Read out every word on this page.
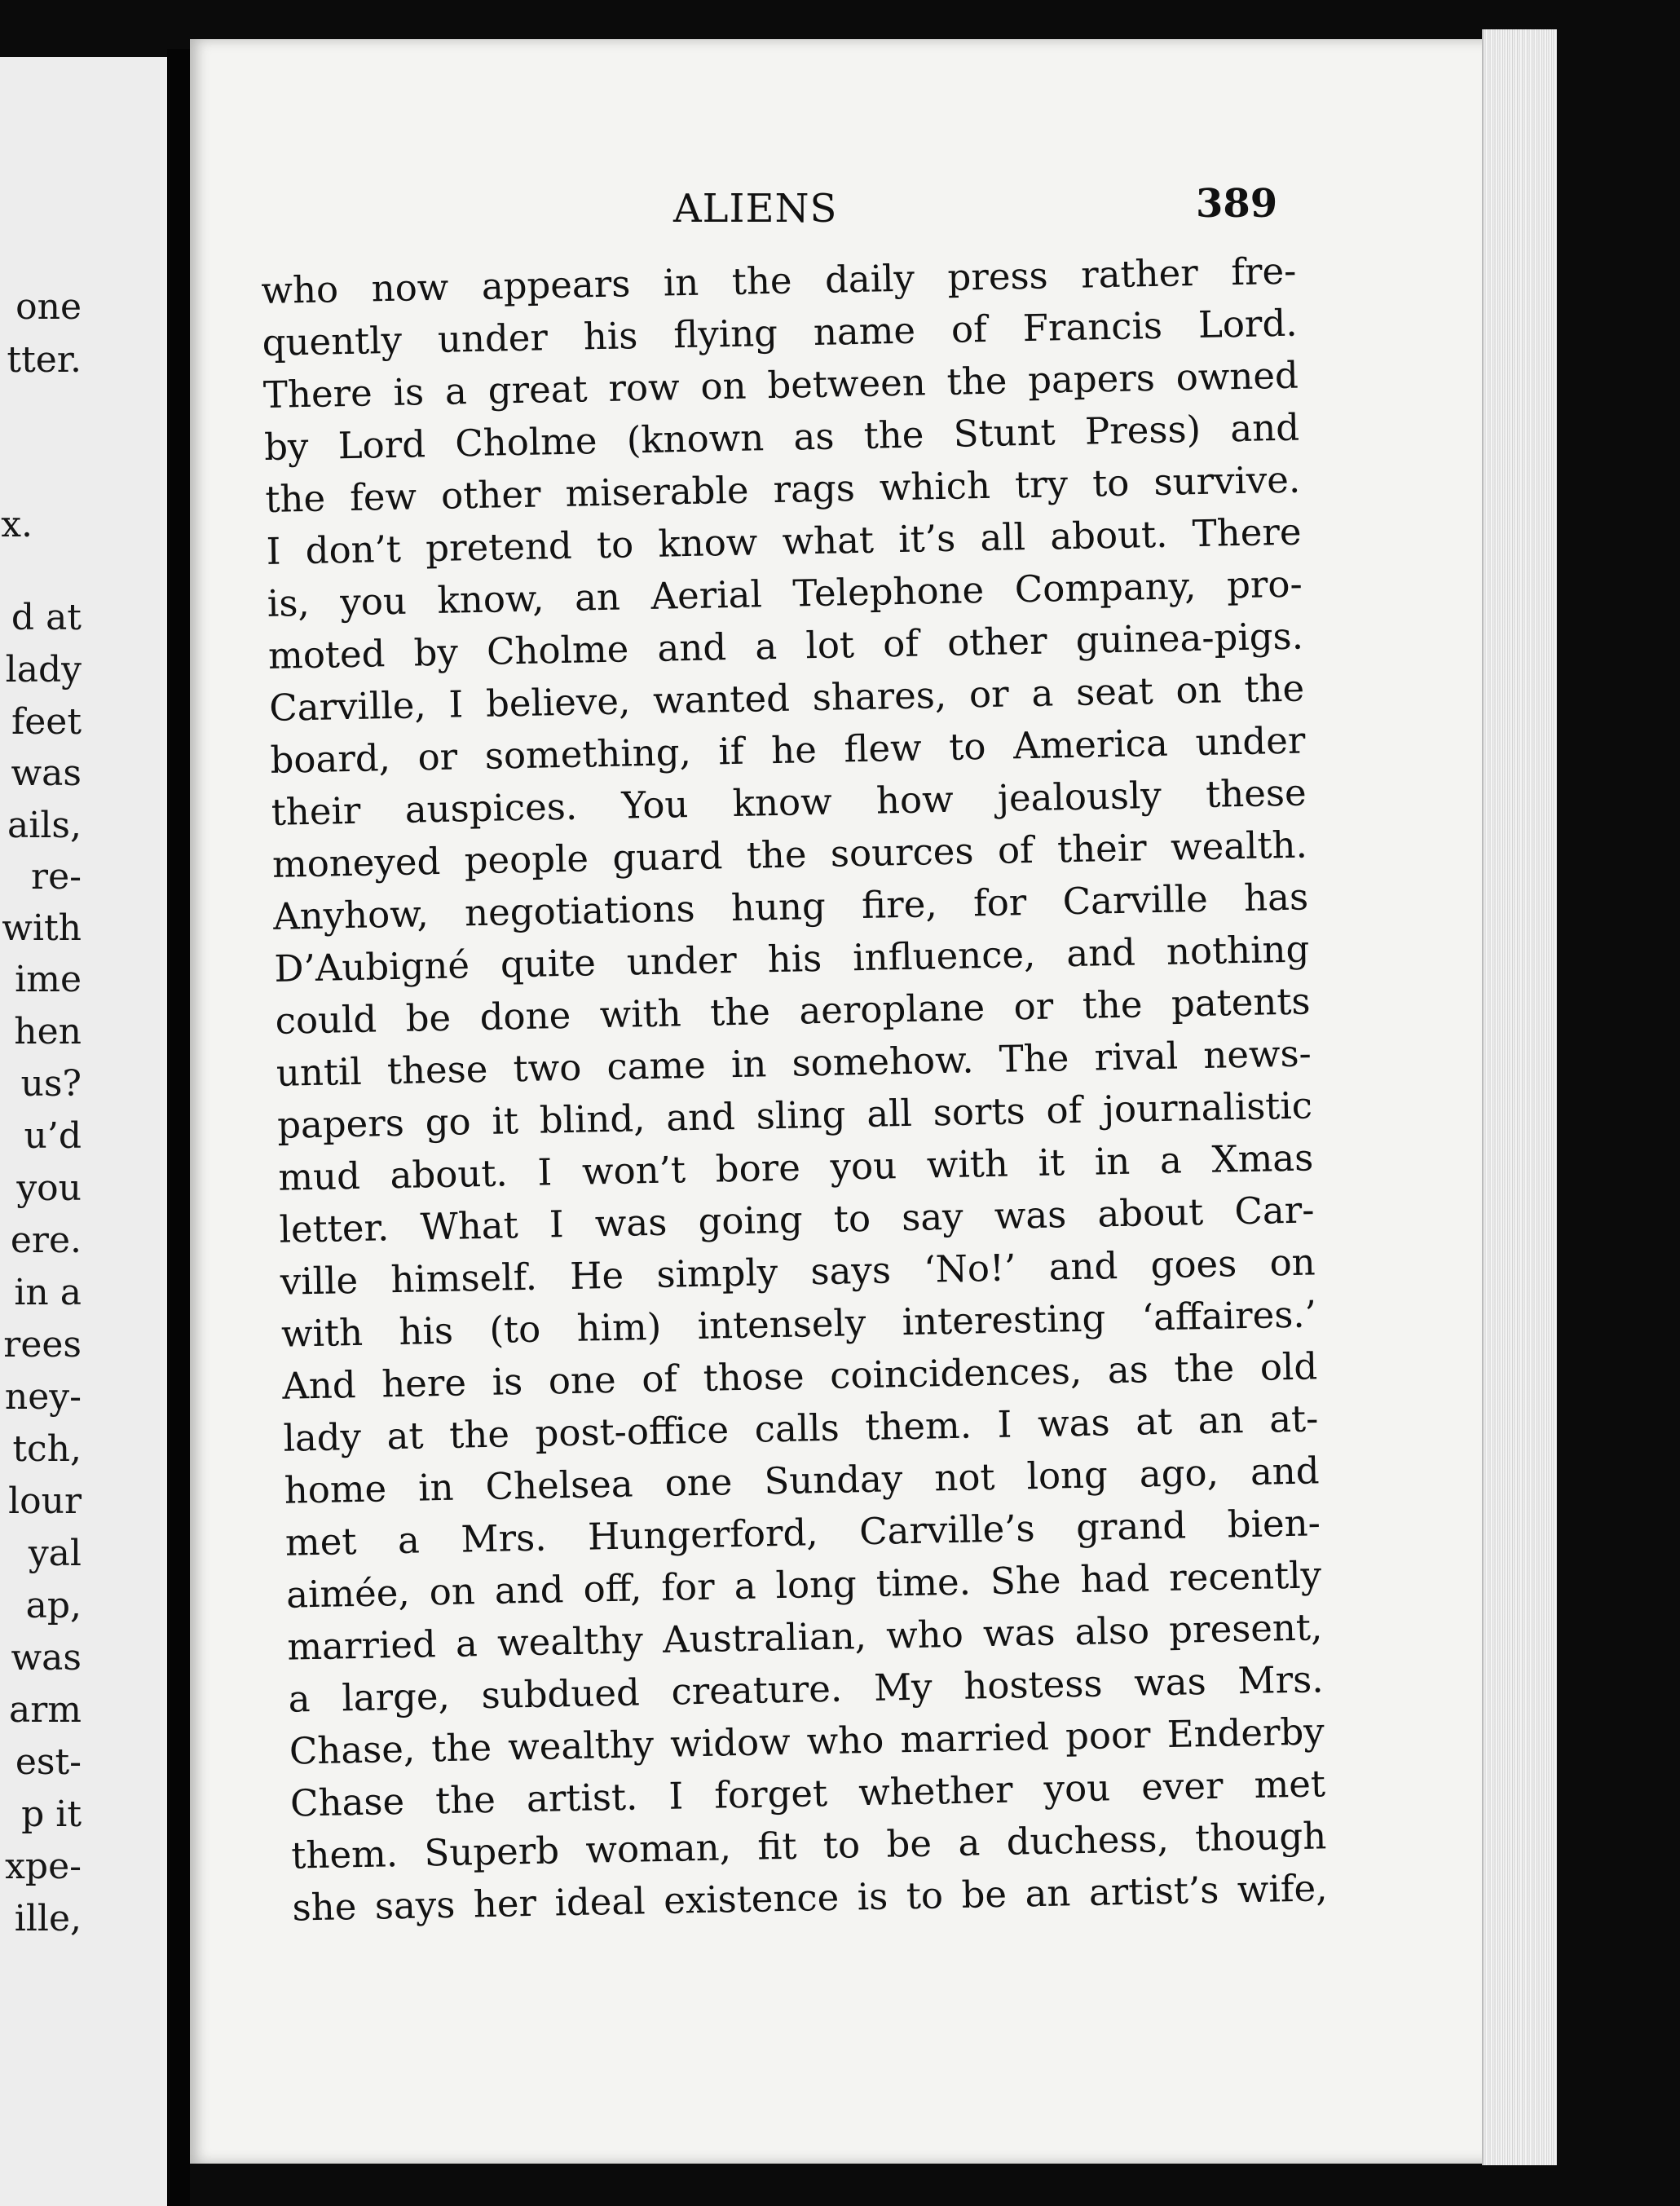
one
tter.
x.
d at
lady
feet
was
ails,
re-
with
ime
hen
us?
u’d
you
ere.
in a
rees
ney-
tch,
lour
yal
ap,
was
arm
est-
p it
xpe-
ille,
ALIENS	389
who now appears in the daily press rather fre-
quently under his flying name of Francis Lord.
There is a great row on between the papers owned
by Lord Cholme (known as the Stunt Press) and
the few other miserable rags which try to survive.
I don’t pretend to know what it’s all about. There
is, you know, an Aerial Telephone Company, pro-
moted by Cholme and a lot of other guinea-pigs.
Carville, I believe, wanted shares, or a seat on the
board, or something, if he flew to America under
their auspices. You know how jealously these
moneyed people guard the sources of their wealth.
Anyhow, negotiations hung fire, for Carville has
D’Aubigné quite under his influence, and nothing
could be done with the aeroplane or the patents
until these two came in somehow. The rival news-
papers go it blind, and sling all sorts of journalistic
mud about. I won’t bore you with it in a Xmas
letter. What I was going to say was about Car-
ville himself. He simply says ‘No!’ and goes on
with his (to him) intensely interesting ‘affaires.’
And here is one of those coincidences, as the old
lady at the post-office calls them. I was at an at-
home in Chelsea one Sunday not long ago, and
met a Mrs. Hungerford, Carville’s grand bien-
aimée, on and off, for a long time. She had recently
married a wealthy Australian, who was also present,
a large, subdued creature. My hostess was Mrs.
Chase, the wealthy widow who married poor Enderby
Chase the artist. I forget whether you ever met
them. Superb woman, fit to be a duchess, though
she says her ideal existence is to be an artist’s wife,
